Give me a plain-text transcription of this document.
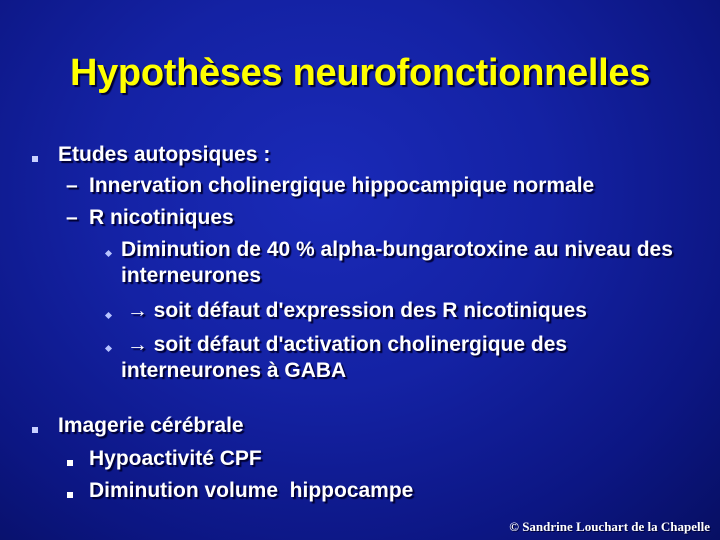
Hypothèses neurofonctionnelles
Etudes autopsiques :
– Innervation cholinergique hippocampique normale
– R nicotiniques
Diminution de 40 % alpha-bungarotoxine au niveau des interneurones
→ soit défaut d'expression des R nicotiniques
→ soit défaut d'activation cholinergique des interneurones à GABA
Imagerie cérébrale
Hypoactivité CPF
Diminution volume  hippocampe
© Sandrine Louchart de la Chapelle
